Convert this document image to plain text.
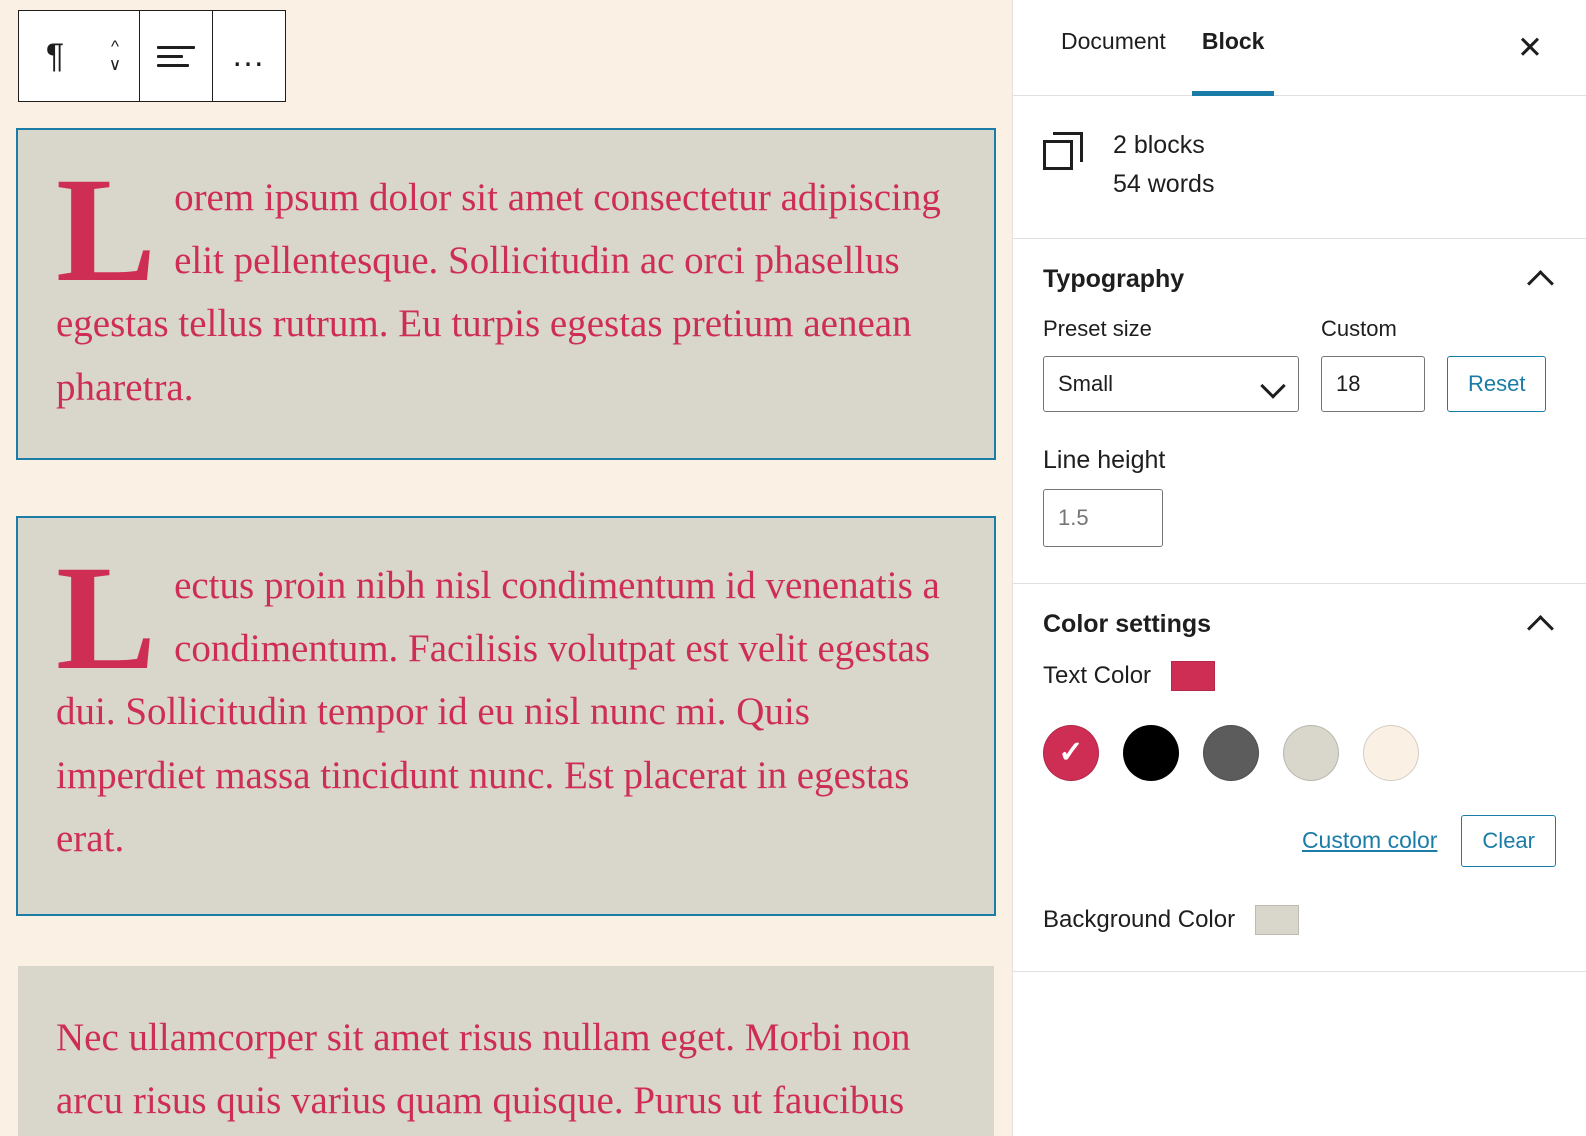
¶	^
∨	…
L orem ipsum dolor sit amet consectetur adipiscing elit pellentesque. Sollicitudin ac orci phasellus egestas tellus rutrum. Eu turpis egestas pretium aenean pharetra.
L ectus proin nibh nisl condimentum id venenatis a condimentum. Facilisis volutpat est velit egestas dui. Sollicitudin tempor id eu nisl nunc mi. Quis imperdiet massa tincidunt nunc. Est placerat in egestas erat.
Nec ullamcorper sit amet risus nullam eget. Morbi non arcu risus quis varius quam quisque. Purus ut faucibus
Document	Block	✕
2 blocks
54 words
Typography
Preset size
Small
Custom
18
Reset
Line height
1.5
Color settings
Text Color
✓
Custom color	Clear
Background Color
